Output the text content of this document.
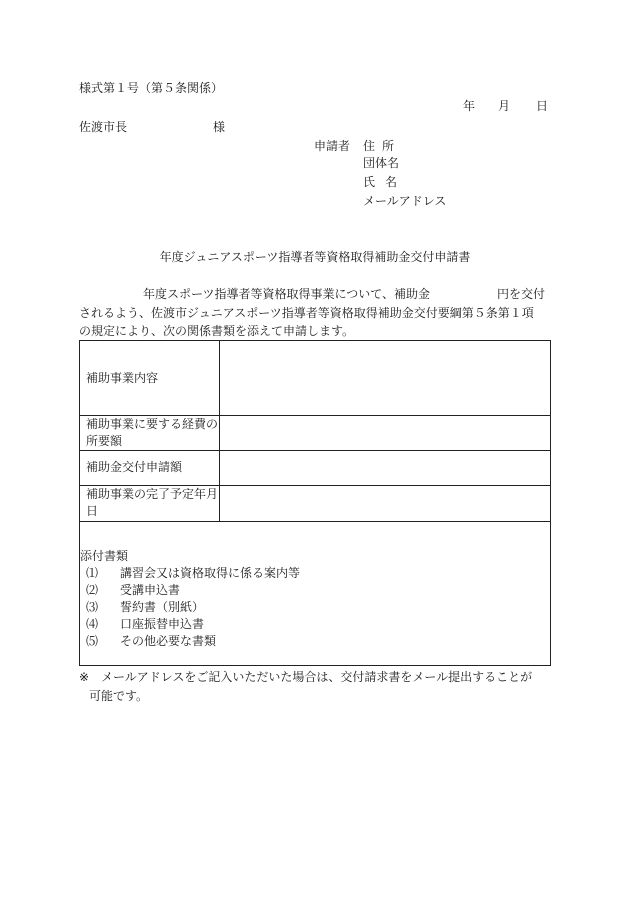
様式第１号（第５条関係）
年 月 日
佐渡市長	様
申請者 住所
団体名
氏名
メールアドレス
年度ジュニアスポーツ指導者等資格取得補助金交付申請書
年度スポーツ指導者等資格取得事業について、補助金	円を交付
されるよう、佐渡市ジュニアスポーツ指導者等資格取得補助金交付要綱第５条第１項
の規定により、次の関係書類を添えて申請します。
補助事業内容
補助事業に要する経費の所要額
補助金交付申請額
補助事業の完了予定年月日
添付書類
⑴ 講習会又は資格取得に係る案内等
⑵ 受講申込書
⑶ 誓約書（別紙）
⑷ 口座振替申込書
⑸ その他必要な書類
※ メールアドレスをご記入いただいた場合は、交付請求書をメール提出することが
可能です。
